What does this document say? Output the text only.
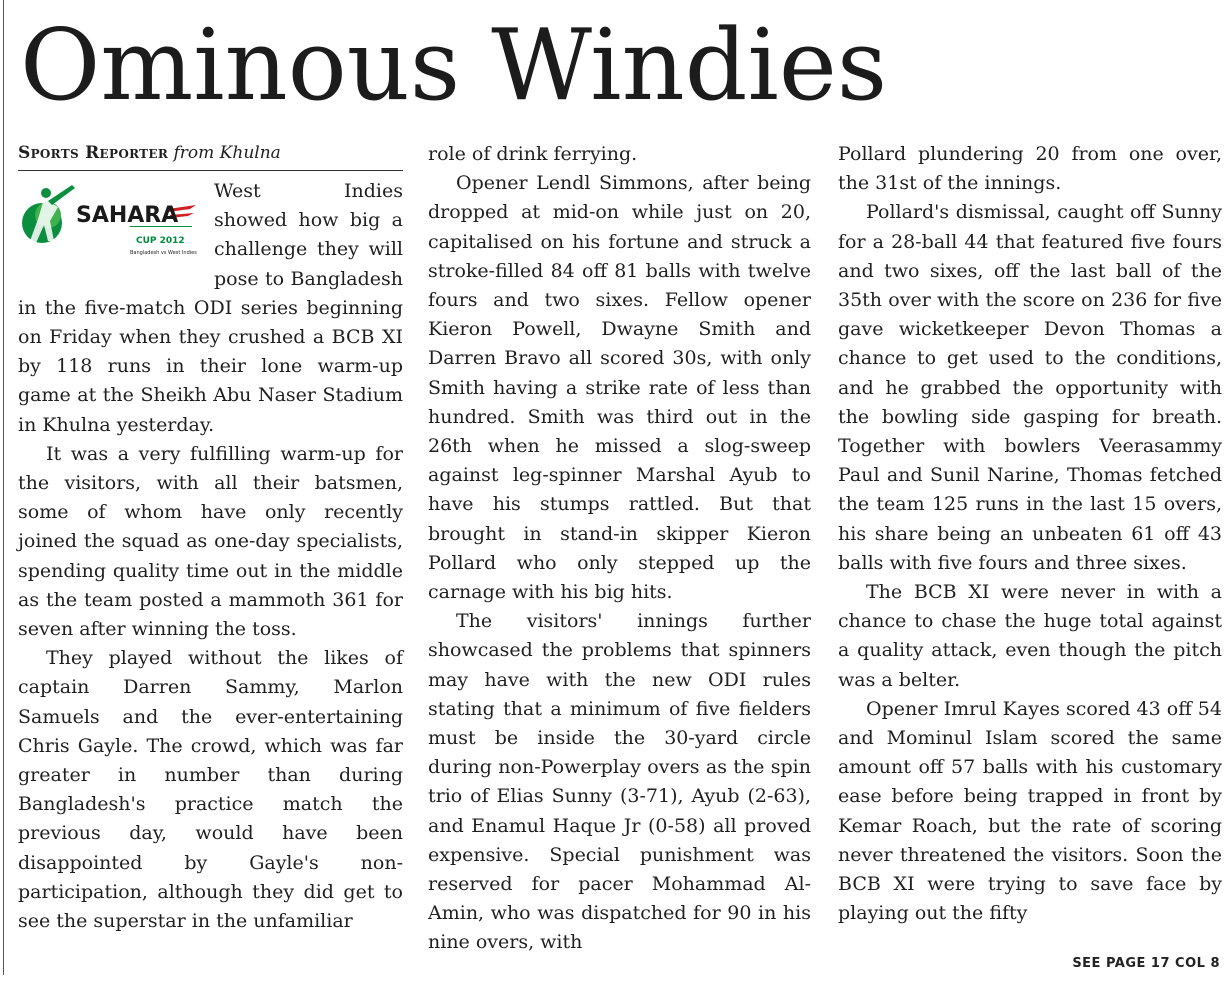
Ominous Windies
Sports Reporter from Khulna
SAHARA
CUP 2012
Bangladesh vs West Indies

West Indies showed how big a challenge they will pose to Bangladesh in the five-match ODI series beginning on Friday when they crushed a BCB XI by 118 runs in their lone warm-up game at the Sheikh Abu Naser Stadium in Khulna yesterday.

It was a very fulfilling warm-up for the visitors, with all their batsmen, some of whom have only recently joined the squad as one-day specialists, spending quality time out in the middle as the team posted a mammoth 361 for seven after winning the toss.

They played without the likes of captain Darren Sammy, Marlon Samuels and the ever-entertaining Chris Gayle. The crowd, which was far greater in number than during Bangladesh's practice match the previous day, would have been disappointed by Gayle's non-participation, although they did get to see the superstar in the unfamiliar

role of drink ferrying.

Opener Lendl Simmons, after being dropped at mid-on while just on 20, capitalised on his fortune and struck a stroke-filled 84 off 81 balls with twelve fours and two sixes. Fellow opener Kieron Powell, Dwayne Smith and Darren Bravo all scored 30s, with only Smith having a strike rate of less than hundred. Smith was third out in the 26th when he missed a slog-sweep against leg-spinner Marshal Ayub to have his stumps rattled. But that brought in stand-in skipper Kieron Pollard who only stepped up the carnage with his big hits.

The visitors' innings further showcased the problems that spinners may have with the new ODI rules stating that a minimum of five fielders must be inside the 30-yard circle during non-Powerplay overs as the spin trio of Elias Sunny (3-71), Ayub (2-63), and Enamul Haque Jr (0-58) all proved expensive. Special punishment was reserved for pacer Mohammad Al-Amin, who was dispatched for 90 in his nine overs, with

Pollard plundering 20 from one over, the 31st of the innings.

Pollard's dismissal, caught off Sunny for a 28-ball 44 that featured five fours and two sixes, off the last ball of the 35th over with the score on 236 for five gave wicketkeeper Devon Thomas a chance to get used to the conditions, and he grabbed the opportunity with the bowling side gasping for breath. Together with bowlers Veerasammy Paul and Sunil Narine, Thomas fetched the team 125 runs in the last 15 overs, his share being an unbeaten 61 off 43 balls with five fours and three sixes.

The BCB XI were never in with a chance to chase the huge total against a quality attack, even though the pitch was a belter.

Opener Imrul Kayes scored 43 off 54 and Mominul Islam scored the same amount off 57 balls with his customary ease before being trapped in front by Kemar Roach, but the rate of scoring never threatened the visitors. Soon the BCB XI were trying to save face by playing out the fifty

SEE PAGE 17 COL 8
